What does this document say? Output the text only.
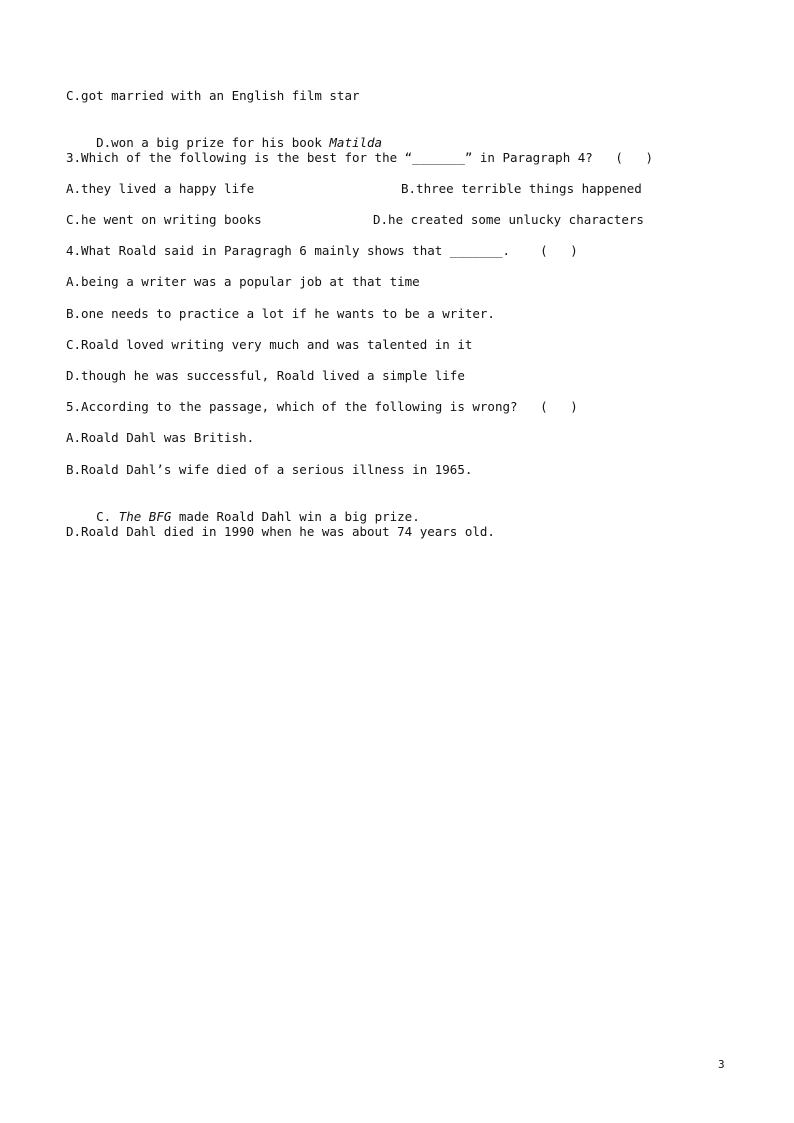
C.got married with an English film star

D.won a big prize for his book Matilda

3.Which of the following is the best for the “_______” in Paragraph 4?   (   )
A.they lived a happy life	B.three terrible things happened
C.he went on writing books	D.he created some unlucky characters
4.What Roald said in Paragragh 6 mainly shows that _______.    (   )
A.being a writer was a popular job at that time
B.one needs to practice a lot if he wants to be a writer.
C.Roald loved writing very much and was talented in it
D.though he was successful, Roald lived a simple life
5.According to the passage, which of the following is wrong?   (   )
A.Roald Dahl was British.
B.Roald Dahl’s wife died of a serious illness in 1965.

C. The BFG made Roald Dahl win a big prize.

D.Roald Dahl died in 1990 when he was about 74 years old.
3
